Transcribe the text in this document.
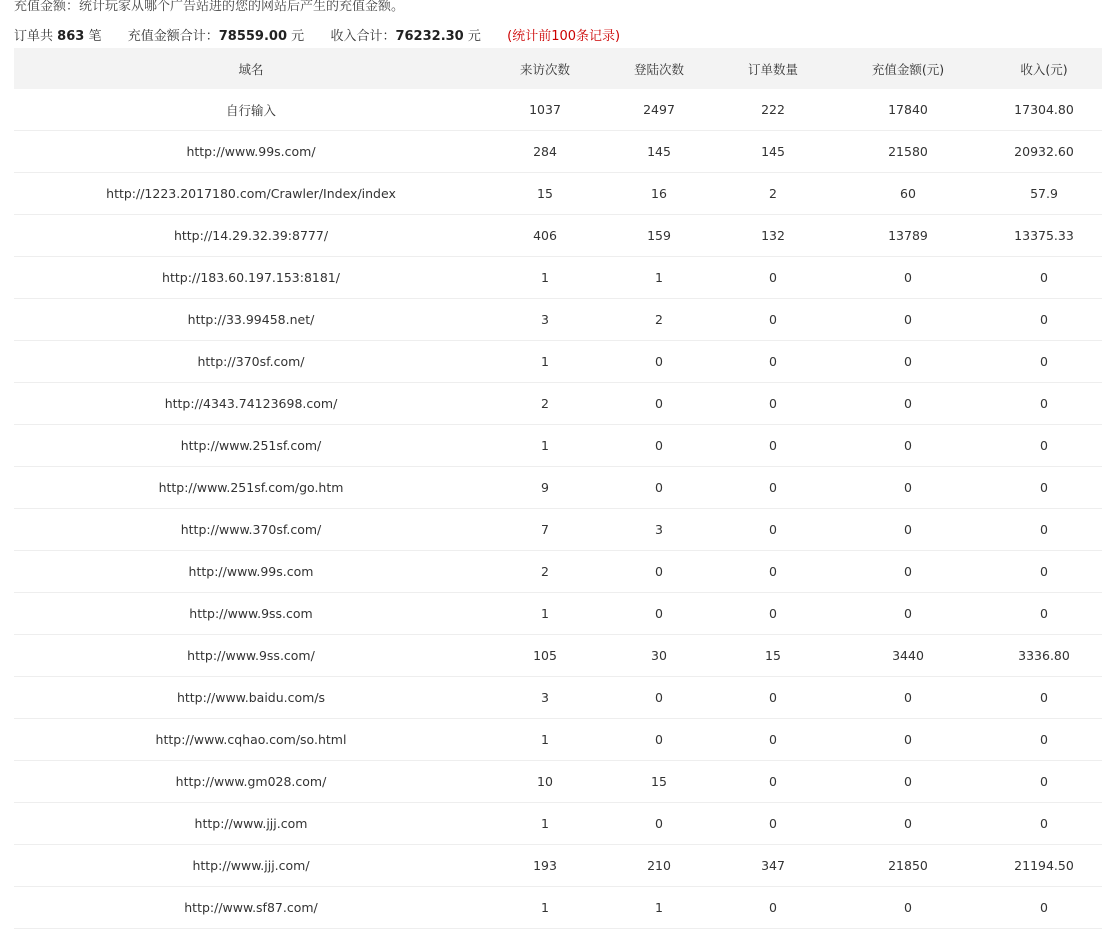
充值金额：统计玩家从哪个广告站进的您的网站后产生的充值金额。
订单共 863 笔 充值金额合计：78559.00 元 收入合计：76232.30 元 (统计前100条记录)
域名	来访次数	登陆次数	订单数量	充值金额(元)	收入(元)
自行输入	1037	2497	222	17840	17304.80
http://www.99s.com/	284	145	145	21580	20932.60
http://1223.2017180.com/Crawler/Index/index	15	16	2	60	57.9
http://14.29.32.39:8777/	406	159	132	13789	13375.33
http://183.60.197.153:8181/	1	1	0	0	0
http://33.99458.net/	3	2	0	0	0
http://370sf.com/	1	0	0	0	0
http://4343.74123698.com/	2	0	0	0	0
http://www.251sf.com/	1	0	0	0	0
http://www.251sf.com/go.htm	9	0	0	0	0
http://www.370sf.com/	7	3	0	0	0
http://www.99s.com	2	0	0	0	0
http://www.9ss.com	1	0	0	0	0
http://www.9ss.com/	105	30	15	3440	3336.80
http://www.baidu.com/s	3	0	0	0	0
http://www.cqhao.com/so.html	1	0	0	0	0
http://www.gm028.com/	10	15	0	0	0
http://www.jjj.com	1	0	0	0	0
http://www.jjj.com/	193	210	347	21850	21194.50
http://www.sf87.com/	1	1	0	0	0
